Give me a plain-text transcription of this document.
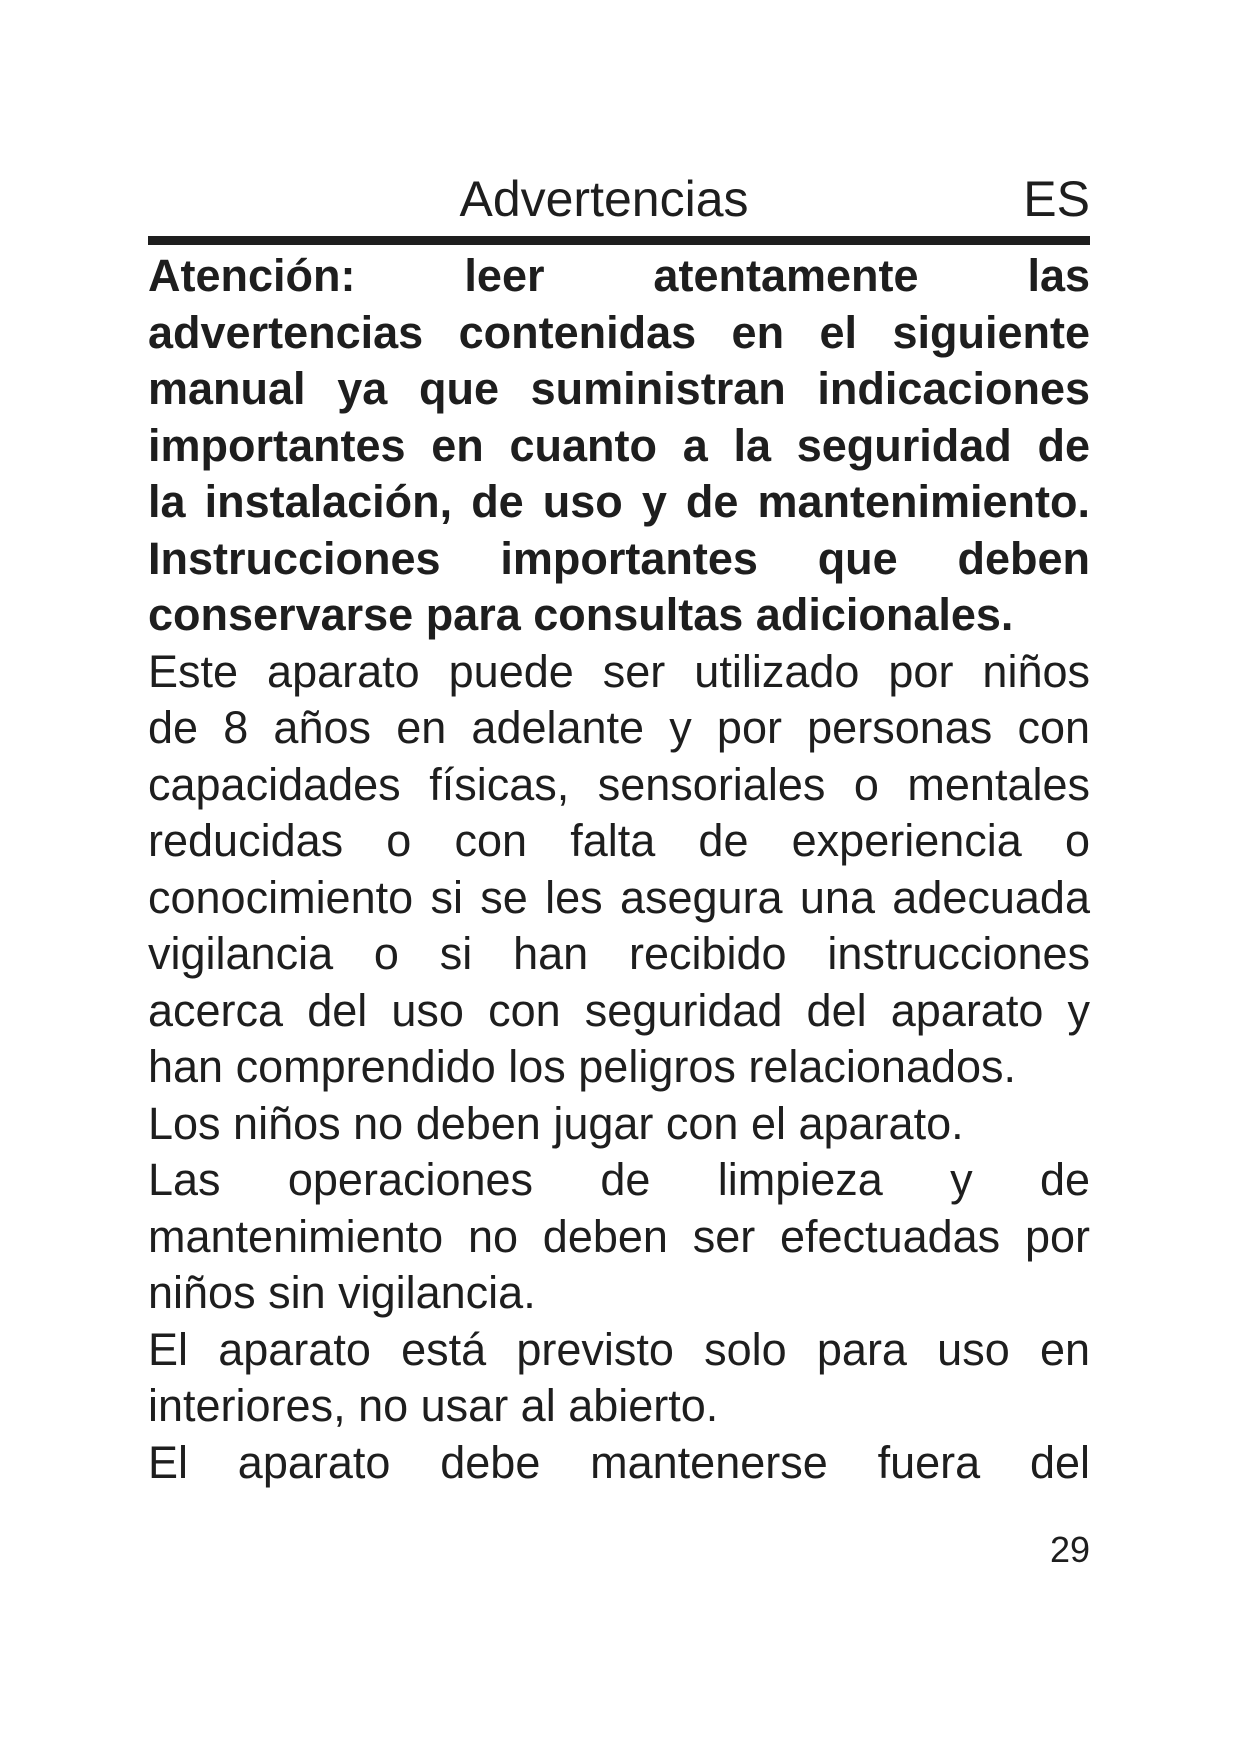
Advertencias	ES
Atención: leer atentamente las
advertencias contenidas en el siguiente
manual ya que suministran indicaciones
importantes en cuanto a la seguridad de
la instalación, de uso y de mantenimiento.
Instrucciones importantes que deben
conservarse para consultas adicionales.
Este aparato puede ser utilizado por niños
de 8 años en adelante y por personas con
capacidades físicas, sensoriales o mentales
reducidas o con falta de experiencia o
conocimiento si se les asegura una adecuada
vigilancia o si han recibido instrucciones
acerca del uso con seguridad del aparato y
han comprendido los peligros relacionados.
Los niños no deben jugar con el aparato.
Las operaciones de limpieza y de
mantenimiento no deben ser efectuadas por
niños sin vigilancia.
El aparato está previsto solo para uso en
interiores, no usar al abierto.
El aparato debe mantenerse fuera del
29
